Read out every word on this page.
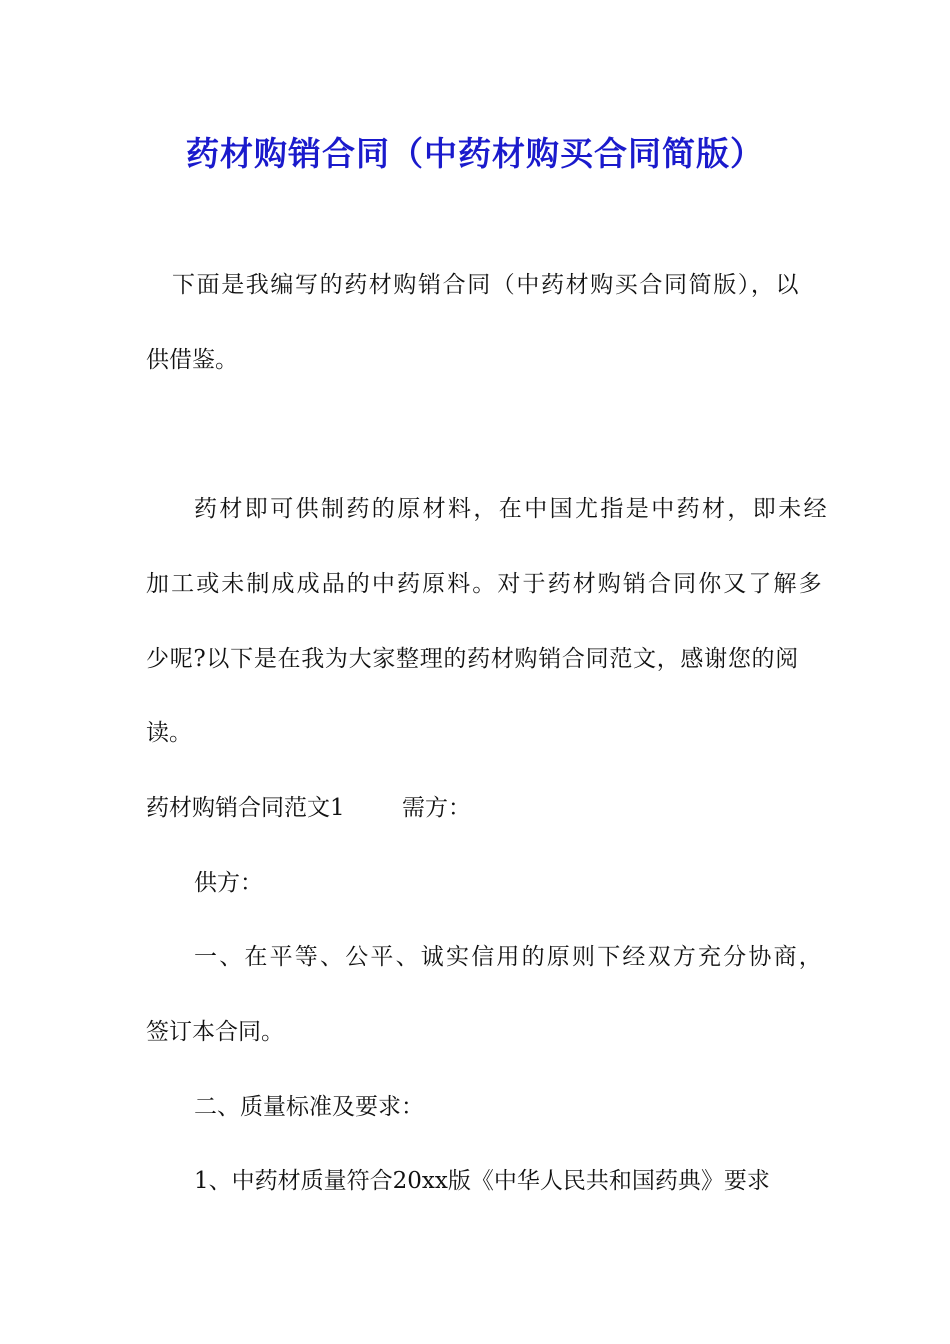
药材购销合同（中药材购买合同简版）
下面是我编写的药材购销合同（中药材购买合同简版），以
供借鉴。
药材即可供制药的原材料，在中国尤指是中药材，即未经
加工或未制成成品的中药原料。对于药材购销合同你又了解多
少呢?以下是在我为大家整理的药材购销合同范文，感谢您的阅
读。
药材购销合同范文1 需方：
供方：
一、在平等、公平、诚实信用的原则下经双方充分协商，
签订本合同。
二、质量标准及要求：
1、中药材质量符合20xx版《中华人民共和国药典》要求
